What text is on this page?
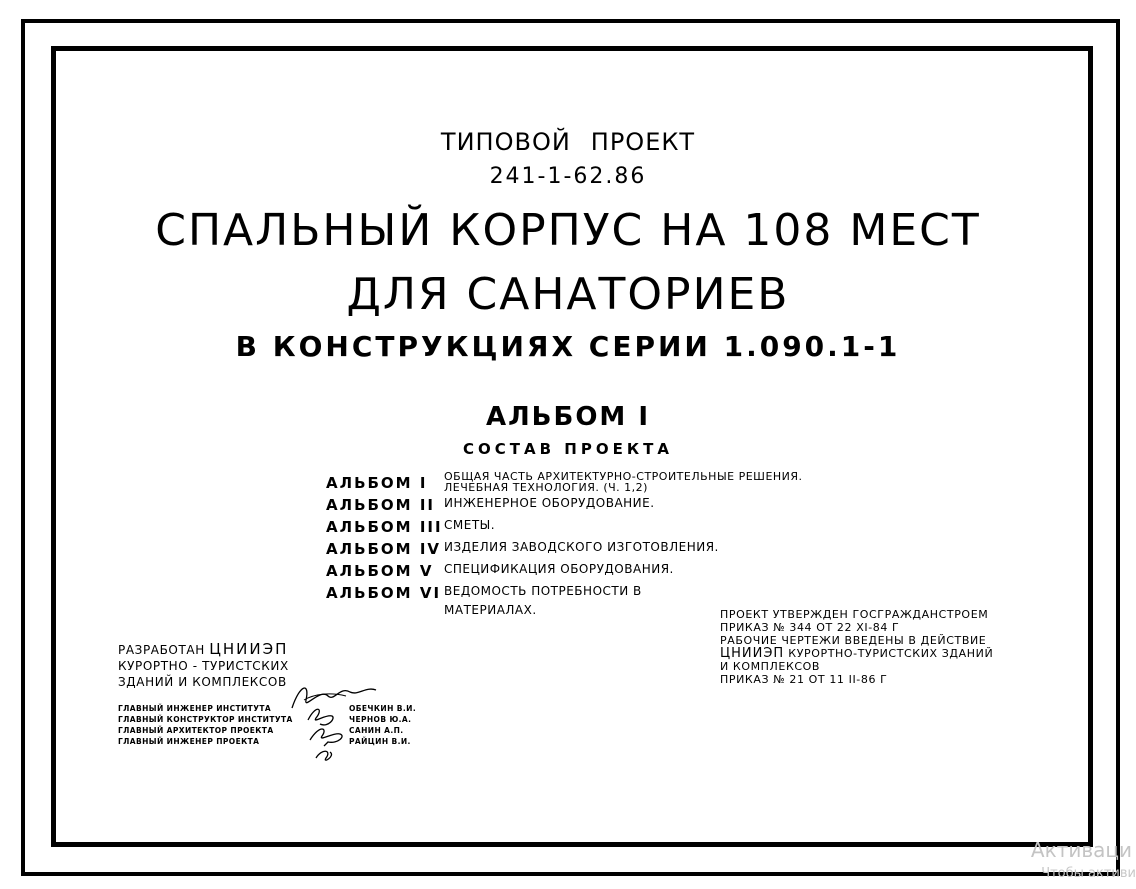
ТИПОВОЙ ПРОЕКТ
241-1-62.86
СПАЛЬНЫЙ КОРПУС НА 108 МЕСТ
ДЛЯ САНАТОРИЕВ
В КОНСТРУКЦИЯХ СЕРИИ 1.090.1-1
АЛЬБОМ I
СОСТАВ ПРОЕКТА
АЛЬБОМ I ОБЩАЯ ЧАСТЬ АРХИТЕКТУРНО-СТРОИТЕЛЬНЫЕ РЕШЕНИЯ.
ЛЕЧЕБНАЯ ТЕХНОЛОГИЯ. (Ч. 1,2)
АЛЬБОМ II ИНЖЕНЕРНОЕ ОБОРУДОВАНИЕ.
АЛЬБОМ III СМЕТЫ.
АЛЬБОМ IV ИЗДЕЛИЯ ЗАВОДСКОГО ИЗГОТОВЛЕНИЯ.
АЛЬБОМ V СПЕЦИФИКАЦИЯ ОБОРУДОВАНИЯ.
АЛЬБОМ VI ВЕДОМОСТЬ ПОТРЕБНОСТИ В
МАТЕРИАЛАХ.	ПРОЕКТ УТВЕРЖДЕН ГОСГРАЖДАНСТРОЕМ
ПРИКАЗ № 344 ОТ 22 XI-84 Г
РАБОЧИЕ ЧЕРТЕЖИ ВВЕДЕНЫ В ДЕЙСТВИЕ
ЦНИИЭП КУРОРТНО-ТУРИСТСКИХ ЗДАНИЙ
И КОМПЛЕКСОВ
ПРИКАЗ № 21 ОТ 11 II-86 Г
РАЗРАБОТАН ЦНИИЭП
КУРОРТНО - ТУРИСТСКИХ
ЗДАНИЙ И КОМПЛЕКСОВ
ГЛАВНЫЙ ИНЖЕНЕР ИНСТИТУТА	ОБЕЧКИН В.И.
ГЛАВНЫЙ КОНСТРУКТОР ИНСТИТУТА	ЧЕРНОВ Ю.А.
ГЛАВНЫЙ АРХИТЕКТОР ПРОЕКТА	САНИН А.П.
ГЛАВНЫЙ ИНЖЕНЕР ПРОЕКТА	РАЙЦИН В.И.
Активаци
Чтобы активи
